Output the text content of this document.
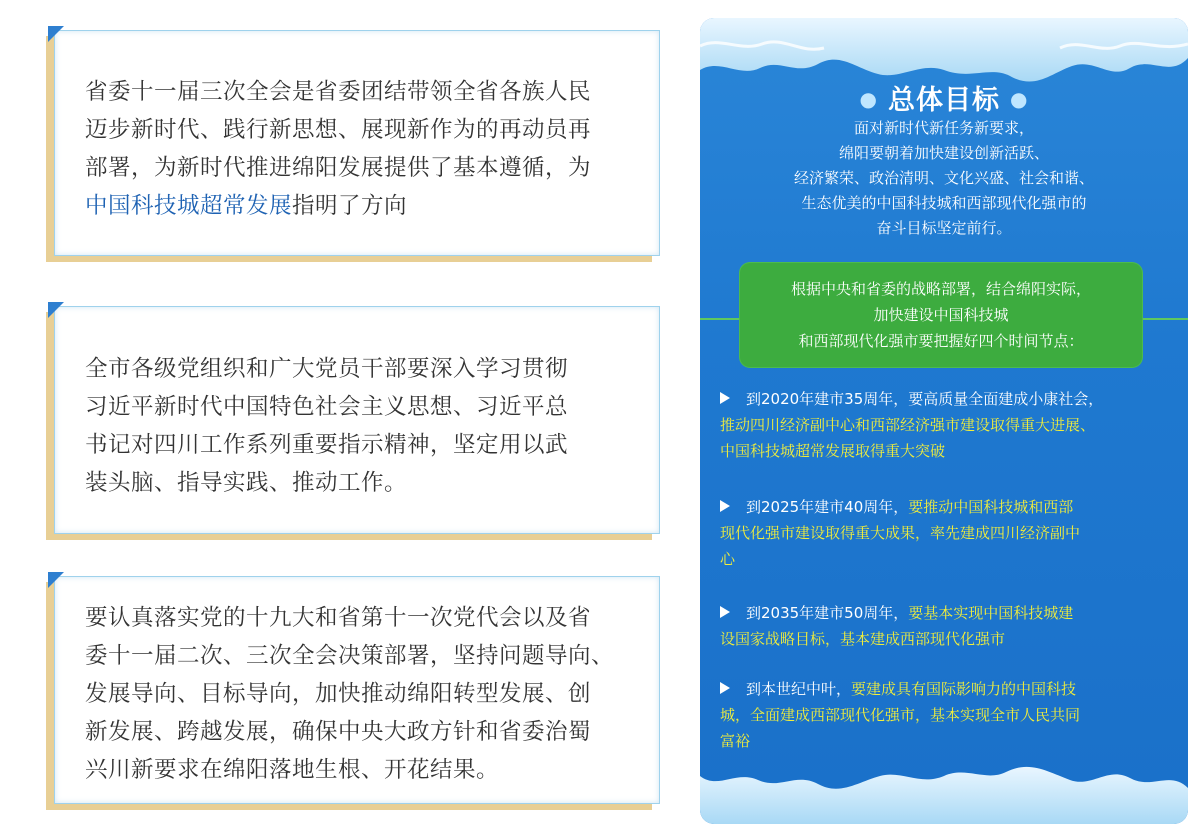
省委十一届三次全会是省委团结带领全省各族人民
迈步新时代、践行新思想、展现新作为的再动员再
部署，为新时代推进绵阳发展提供了基本遵循，为
中国科技城超常发展指明了方向
全市各级党组织和广大党员干部要深入学习贯彻
习近平新时代中国特色社会主义思想、习近平总
书记对四川工作系列重要指示精神，坚定用以武
装头脑、指导实践、推动工作。
要认真落实党的十九大和省第十一次党代会以及省
委十一届二次、三次全会决策部署，坚持问题导向、
发展导向、目标导向，加快推动绵阳转型发展、创
新发展、跨越发展，确保中央大政方针和省委治蜀
兴川新要求在绵阳落地生根、开花结果。
● 总体目标 ●
面对新时代新任务新要求，
绵阳要朝着加快建设创新活跃、
经济繁荣、政治清明、文化兴盛、社会和谐、
生态优美的中国科技城和西部现代化强市的
奋斗目标坚定前行。
根据中央和省委的战略部署，结合绵阳实际，
加快建设中国科技城
和西部现代化强市要把握好四个时间节点：
到2020年建市35周年，要高质量全面建成小康社会，
推动四川经济副中心和西部经济强市建设取得重大进展、
中国科技城超常发展取得重大突破
到2025年建市40周年，要推动中国科技城和西部
现代化强市建设取得重大成果，率先建成四川经济副中
心
到2035年建市50周年，要基本实现中国科技城建
设国家战略目标，基本建成西部现代化强市
到本世纪中叶，要建成具有国际影响力的中国科技
城，全面建成西部现代化强市，基本实现全市人民共同
富裕
